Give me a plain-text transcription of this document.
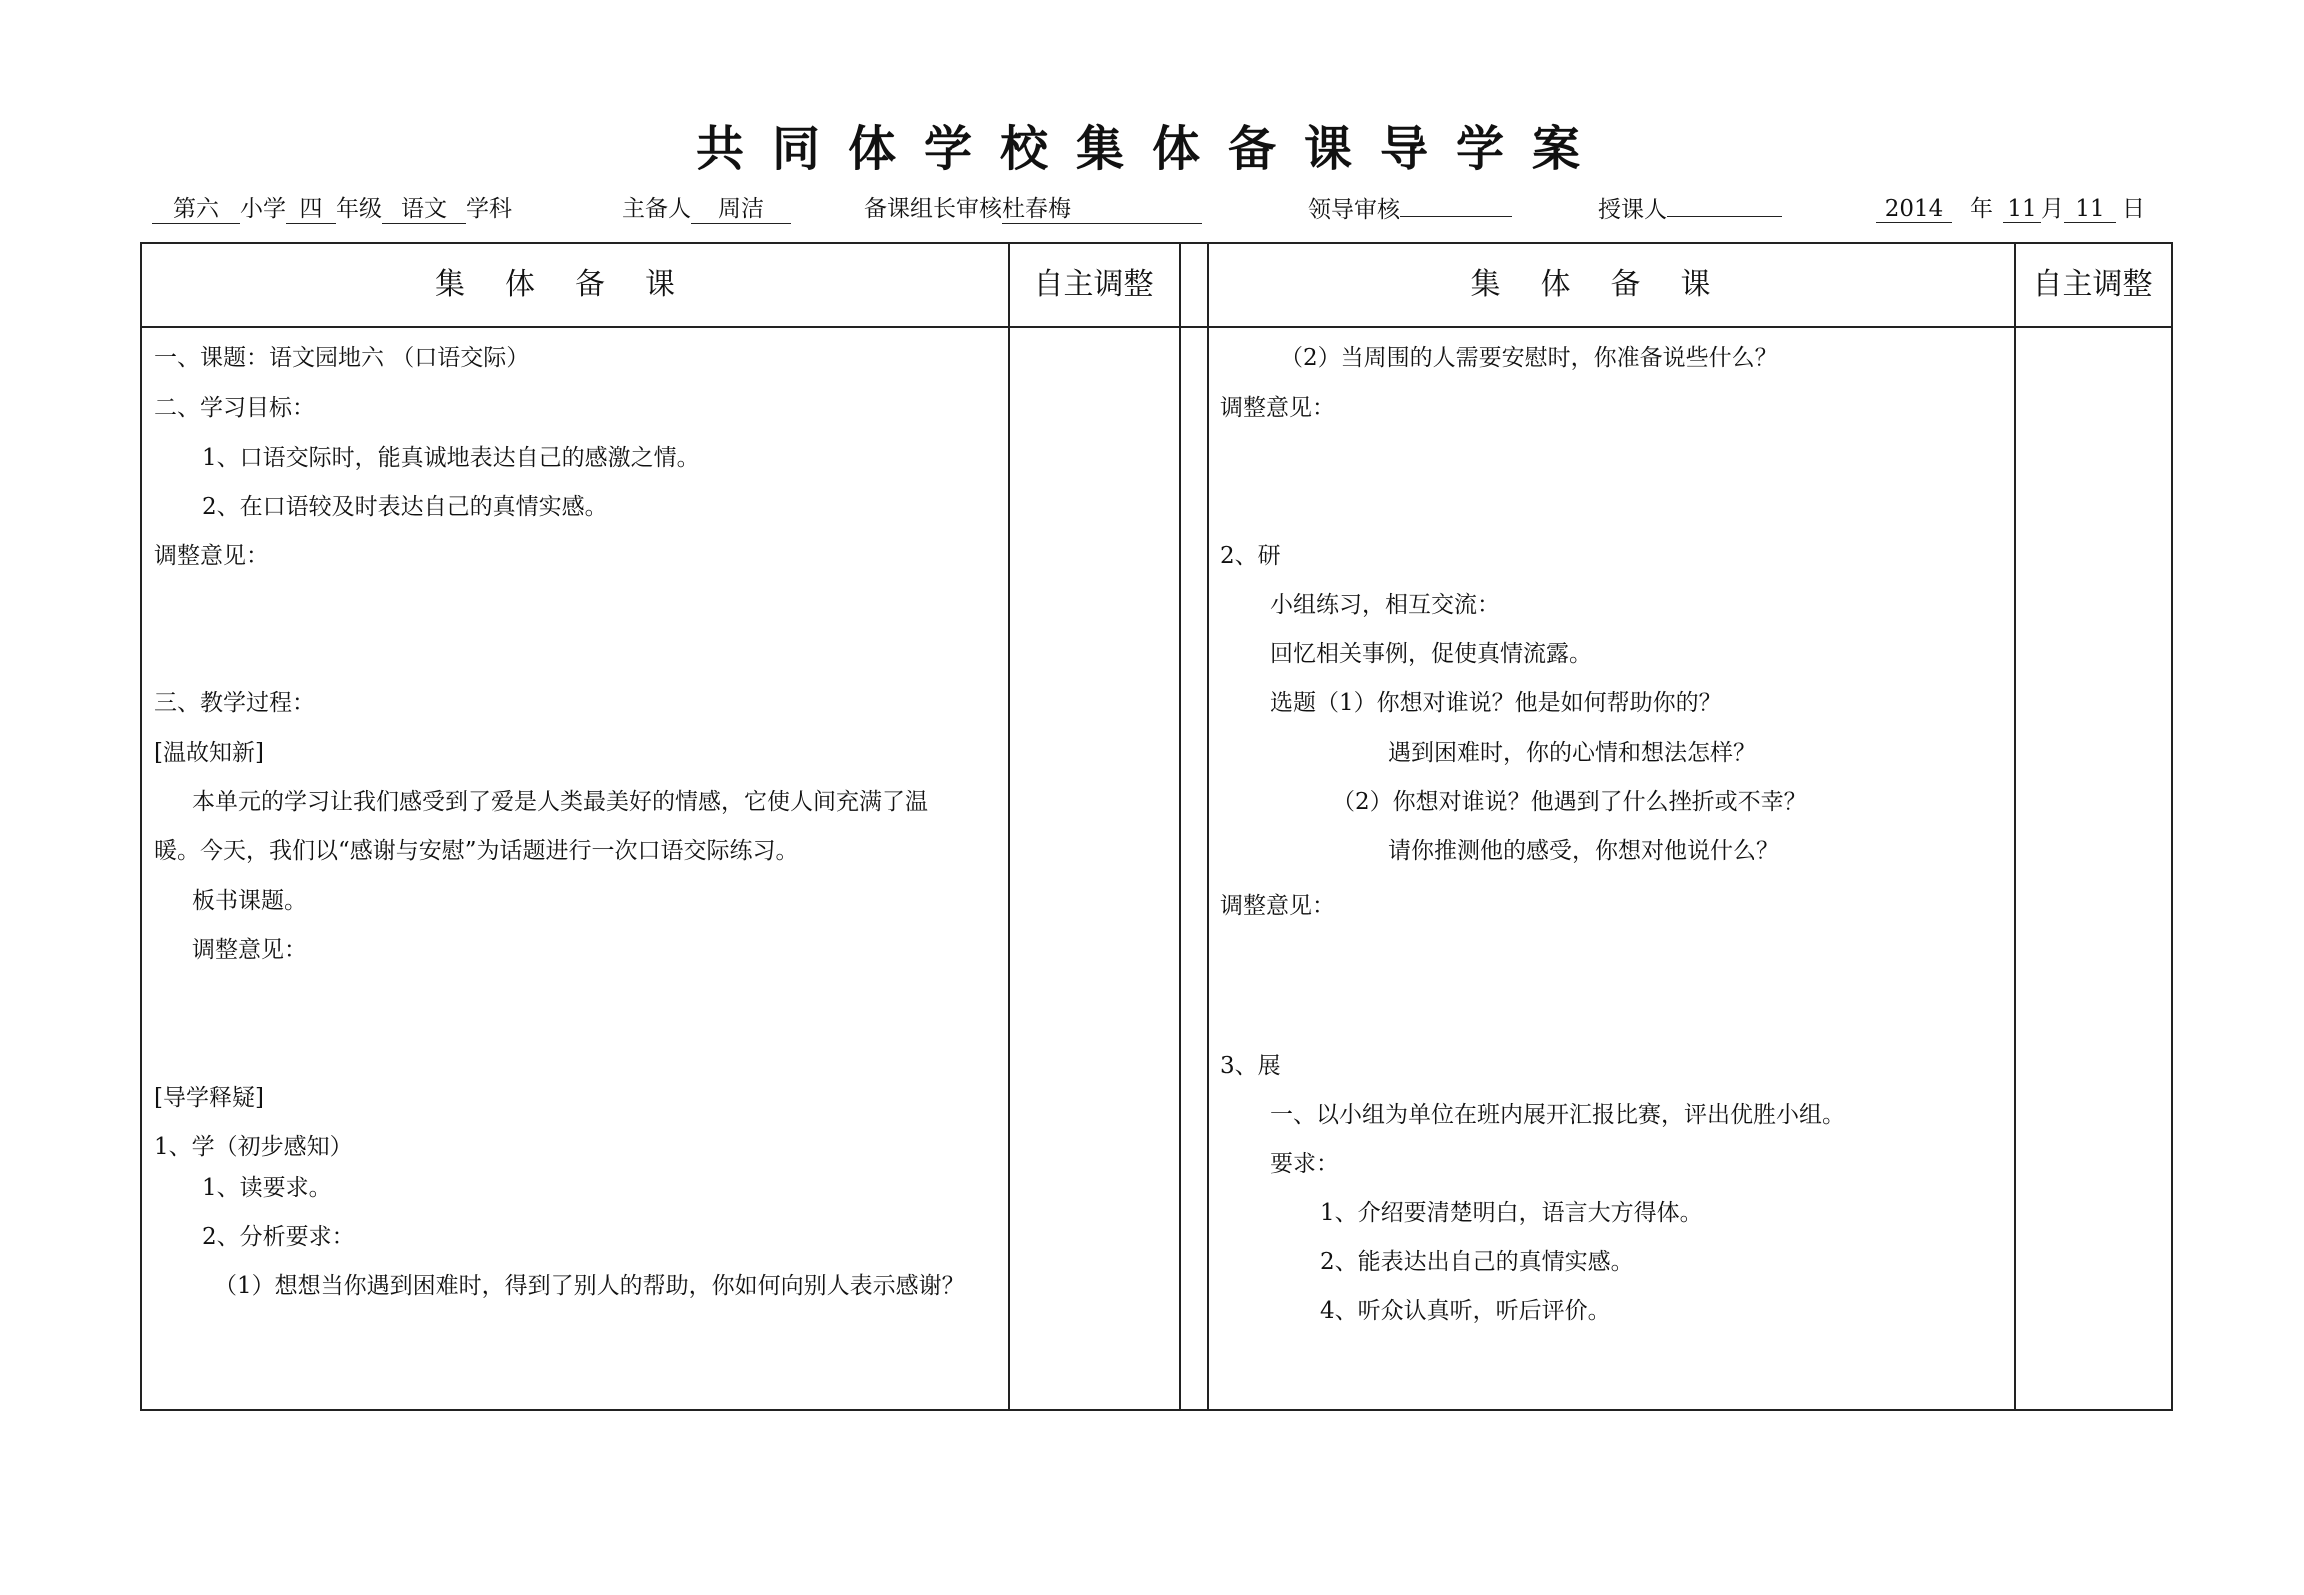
共同体学校集体备课导学案
第六 小学 四 年级 语文 学科	主备人 周洁	备课组长审核杜春梅	领导审核	授课人	2014 年 11 月 11 日
集体备课	自主调整	集体备课	自主调整
一、课题：语文园地六 （口语交际）
二、学习目标：
1、口语交际时，能真诚地表达自己的感激之情。
2、在口语较及时表达自己的真情实感。
调整意见：
三、教学过程：
[温故知新]
本单元的学习让我们感受到了爱是人类最美好的情感，它使人间充满了温
暖。今天，我们以“感谢与安慰”为话题进行一次口语交际练习。
板书课题。
调整意见：
[导学释疑]
1、学（初步感知）
1、读要求。
2、分析要求：
（1）想想当你遇到困难时，得到了别人的帮助，你如何向别人表示感谢？
（2）当周围的人需要安慰时，你准备说些什么？
调整意见：
2、研
小组练习，相互交流：
回忆相关事例，促使真情流露。
选题（1）你想对谁说？他是如何帮助你的？
遇到困难时，你的心情和想法怎样？
（2）你想对谁说？他遇到了什么挫折或不幸？
请你推测他的感受，你想对他说什么？
调整意见：
3、展
一、以小组为单位在班内展开汇报比赛，评出优胜小组。
要求：
1、介绍要清楚明白，语言大方得体。
2、能表达出自己的真情实感。
4、听众认真听，听后评价。
